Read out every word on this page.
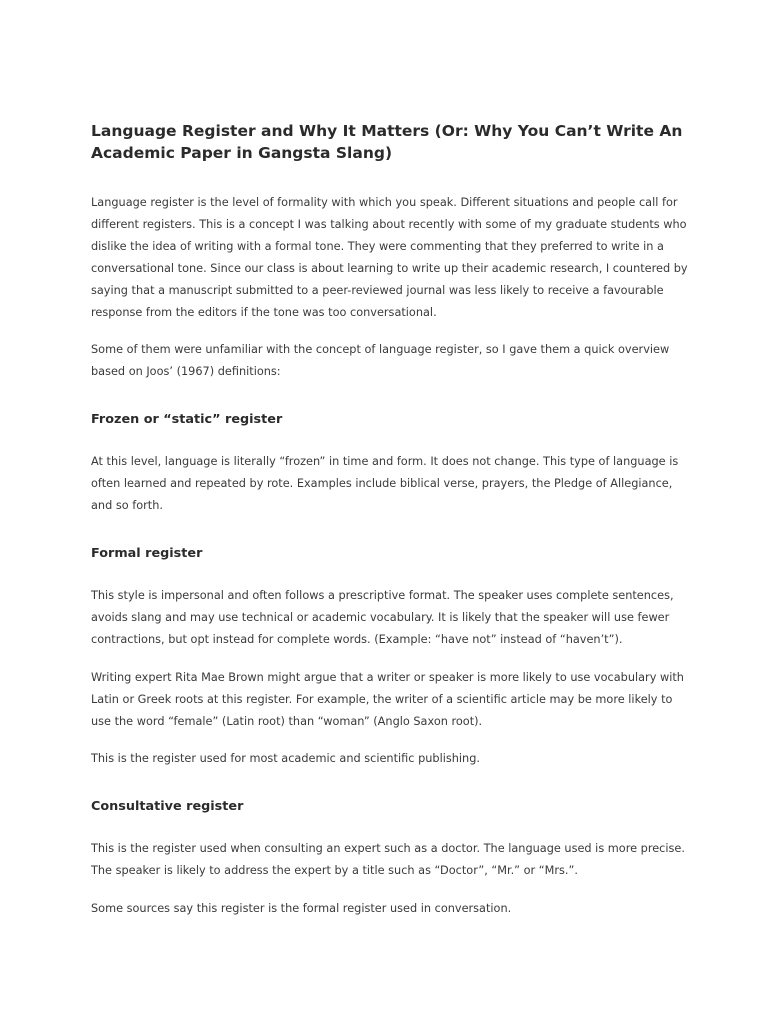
Language Register and Why It Matters (Or: Why You Can’t Write An Academic Paper in Gangsta Slang)

Language register is the level of formality with which you speak. Different situations and people call for different registers. This is a concept I was talking about recently with some of my graduate students who dislike the idea of writing with a formal tone. They were commenting that they preferred to write in a conversational tone. Since our class is about learning to write up their academic research, I countered by saying that a manuscript submitted to a peer-reviewed journal was less likely to receive a favourable response from the editors if the tone was too conversational.

Some of them were unfamiliar with the concept of language register, so I gave them a quick overview based on Joos’ (1967) definitions:

Frozen or “static” register

At this level, language is literally “frozen” in time and form. It does not change. This type of language is often learned and repeated by rote. Examples include biblical verse, prayers, the Pledge of Allegiance, and so forth.

Formal register

This style is impersonal and often follows a prescriptive format. The speaker uses complete sentences, avoids slang and may use technical or academic vocabulary. It is likely that the speaker will use fewer contractions, but opt instead for complete words. (Example: “have not” instead of “haven’t”).

Writing expert Rita Mae Brown might argue that a writer or speaker is more likely to use vocabulary with Latin or Greek roots at this register. For example, the writer of a scientific article may be more likely to use the word “female” (Latin root) than “woman” (Anglo Saxon root).

This is the register used for most academic and scientific publishing.

Consultative register

This is the register used when consulting an expert such as a doctor. The language used is more precise. The speaker is likely to address the expert by a title such as “Doctor”, “Mr.” or “Mrs.”.

Some sources say this register is the formal register used in conversation.
